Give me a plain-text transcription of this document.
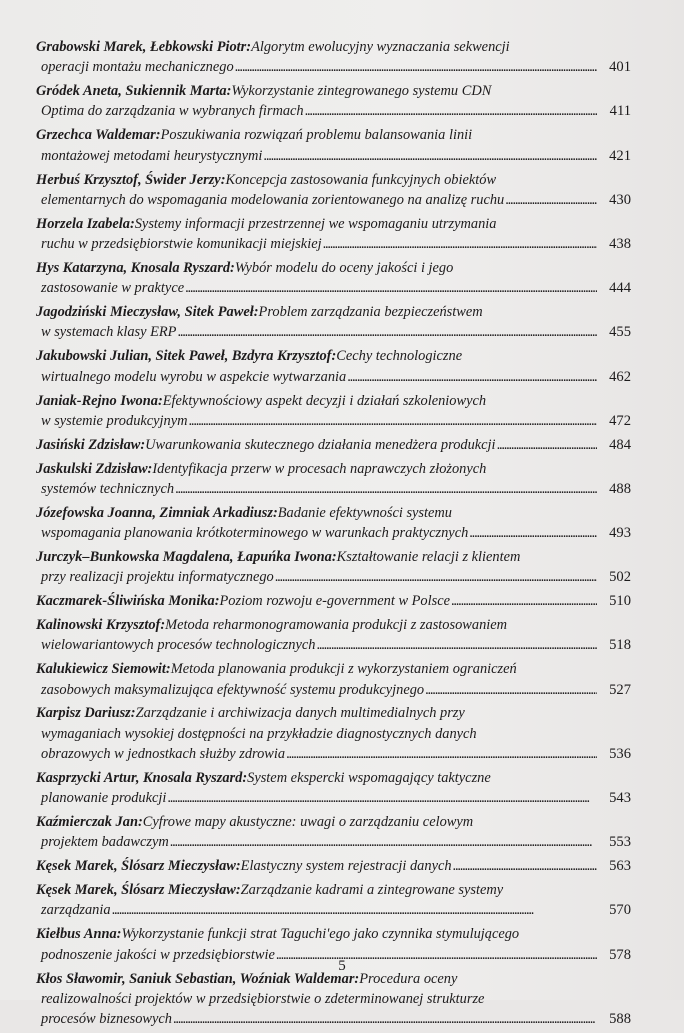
Grabowski Marek, Łebkowski Piotr: Algorytm ewolucyjny wyznaczania sekwencji
operacji montażu mechanicznego . . .	401
Gródek Aneta, Sukiennik Marta: Wykorzystanie zintegrowanego systemu CDN
Optima do zarządzania w wybranych firmach . . .	411
Grzechca Waldemar: Poszukiwania rozwiązań problemu balansowania linii
montażowej metodami heurystycznymi . . .	421
Herbuś Krzysztof, Świder Jerzy: Koncepcja zastosowania funkcyjnych obiektów
elementarnych do wspomagania modelowania zorientowanego na analizę ruchu . . .	430
Horzela Izabela: Systemy informacji przestrzennej we wspomaganiu utrzymania
ruchu w przedsiębiorstwie komunikacji miejskiej . . .	438
Hys Katarzyna, Knosala Ryszard: Wybór modelu do oceny jakości i jego
zastosowanie w praktyce . . .	444
Jagodziński Mieczysław, Sitek Paweł: Problem zarządzania bezpieczeństwem
w systemach klasy ERP . . .	455
Jakubowski Julian, Sitek Paweł, Bzdyra Krzysztof: Cechy technologiczne
wirtualnego modelu wyrobu w aspekcie wytwarzania . . .	462
Janiak-Rejno Iwona: Efektywnościowy aspekt decyzji i działań szkoleniowych
w systemie produkcyjnym . . .	472
Jasiński Zdzisław: Uwarunkowania skutecznego działania menedżera produkcji . . .	484
Jaskulski Zdzisław: Identyfikacja przerw w procesach naprawczych złożonych
systemów technicznych . . .	488
Józefowska Joanna, Zimniak Arkadiusz: Badanie efektywności systemu
wspomagania planowania krótkoterminowego w warunkach praktycznych . . .	493
Jurczyk–Bunkowska Magdalena, Łapuńka Iwona: Kształtowanie relacji z klientem
przy realizacji projektu informatycznego . . .	502
Kaczmarek-Śliwińska Monika: Poziom rozwoju e-government w Polsce . . .	510
Kalinowski Krzysztof: Metoda reharmonogramowania produkcji z zastosowaniem
wielowariantowych procesów technologicznych . . .	518
Kalukiewicz Siemowit: Metoda planowania produkcji z wykorzystaniem ograniczeń
zasobowych maksymalizująca efektywność systemu produkcyjnego . . .	527
Karpisz Dariusz: Zarządzanie i archiwizacja danych multimedialnych przy
wymaganiach wysokiej dostępności na przykładzie diagnostycznych danych
obrazowych w jednostkach służby zdrowia . . .	536
Kasprzycki Artur, Knosala Ryszard: System ekspercki wspomagający taktyczne
planowanie produkcji . . .	543
Kaźmierczak Jan: Cyfrowe mapy akustyczne: uwagi o zarządzaniu celowym
projektem badawczym . . .	553
Kęsek Marek, Ślósarz Mieczysław: Elastyczny system rejestracji danych . . .	563
Kęsek Marek, Ślósarz Mieczysław: Zarządzanie kadrami a zintegrowane systemy
zarządzania . . .	570
Kiełbus Anna: Wykorzystanie funkcji strat Taguchi'ego jako czynnika stymulującego
podnoszenie jakości w przedsiębiorstwie . . .	578
Kłos Sławomir, Saniuk Sebastian, Woźniak Waldemar: Procedura oceny
realizowalności projektów w przedsiębiorstwie o zdeterminowanej strukturze
procesów biznesowych . . .	588
5
